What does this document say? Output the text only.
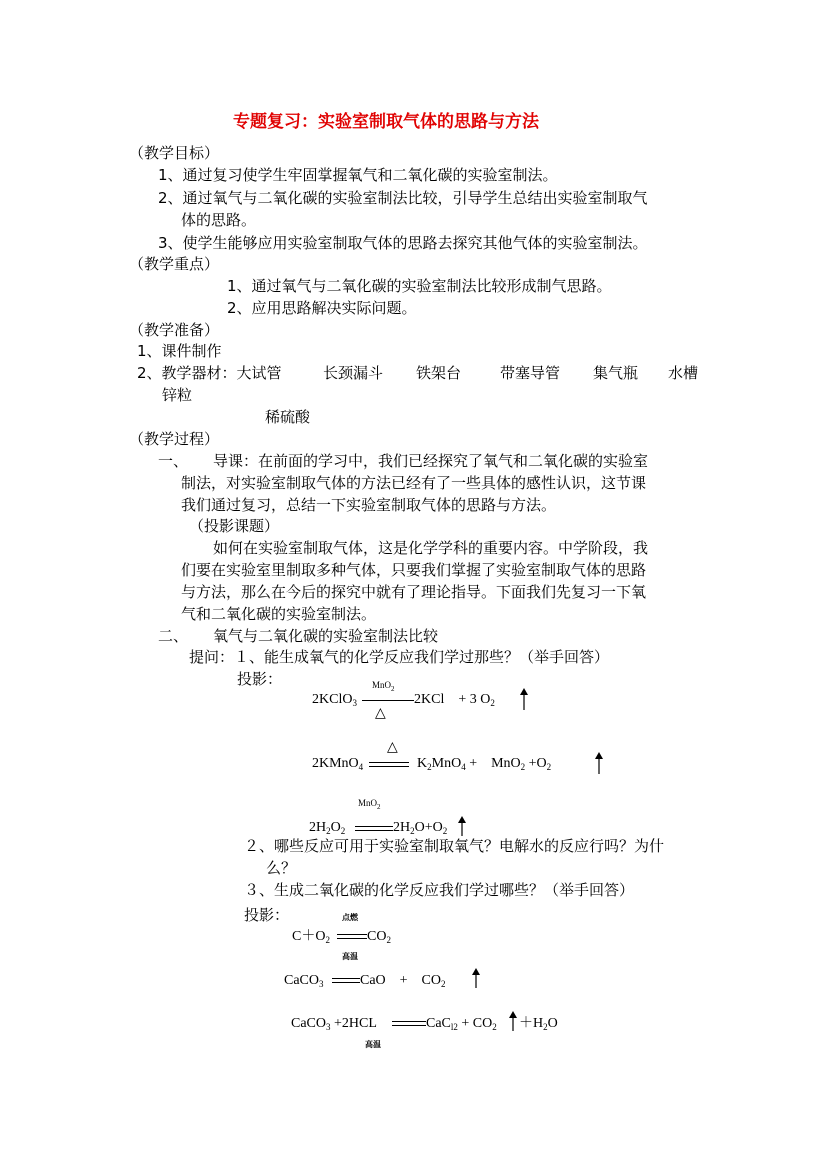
专题复习：实验室制取气体的思路与方法
（教学目标）
1、通过复习使学生牢固掌握氧气和二氧化碳的实验室制法。
2、通过氧气与二氧化碳的实验室制法比较，引导学生总结出实验室制取气
体的思路。
3、使学生能够应用实验室制取气体的思路去探究其他气体的实验室制法。
（教学重点）
1、通过氧气与二氧化碳的实验室制法比较形成制气思路。
2、应用思路解决实际问题。
（教学准备）
1、课件制作
2、教学器材：大试管	长颈漏斗 铁架台	带塞导管 集气瓶 水槽
锌粒
稀硫酸
（教学过程）
一、 导课：在前面的学习中，我们已经探究了氧气和二氧化碳的实验室
制法，对实验室制取气体的方法已经有了一些具体的感性认识，这节课
我们通过复习，总结一下实验室制取气体的思路与方法。
（投影课题）
如何在实验室制取气体，这是化学学科的重要内容。中学阶段，我
们要在实验室里制取多种气体，只要我们掌握了实验室制取气体的思路
与方法，那么在今后的探究中就有了理论指导。下面我们先复习一下氧
气和二氧化碳的实验室制法。
二、 氧气与二氧化碳的实验室制法比较
提问：１、能生成氧气的化学反应我们学过那些？（举手回答）
投影：	MnO$_2$
2KClO$_3$
△
2KCl　+ 3 $O_2$
△
2KMnO$_4$	$K_2MnO_4$ +　$MnO_2 +O_2$
MnO$_2$
$2H_2O_2$	$2H_2O+O_2$
２、哪些反应可用于实验室制取氧气？电解水的反应行吗？为什
么？
３、生成二氧化碳的化学反应我们学过哪些？（举手回答）
投影：	点燃
$C+O_2$	$CO_2$
高温
CaCO$_3$	CaO　+　$CO_2$
CaCO$_3$ +2HCL	$CaC_{l2} + CO_2 +H_2O$
高温
